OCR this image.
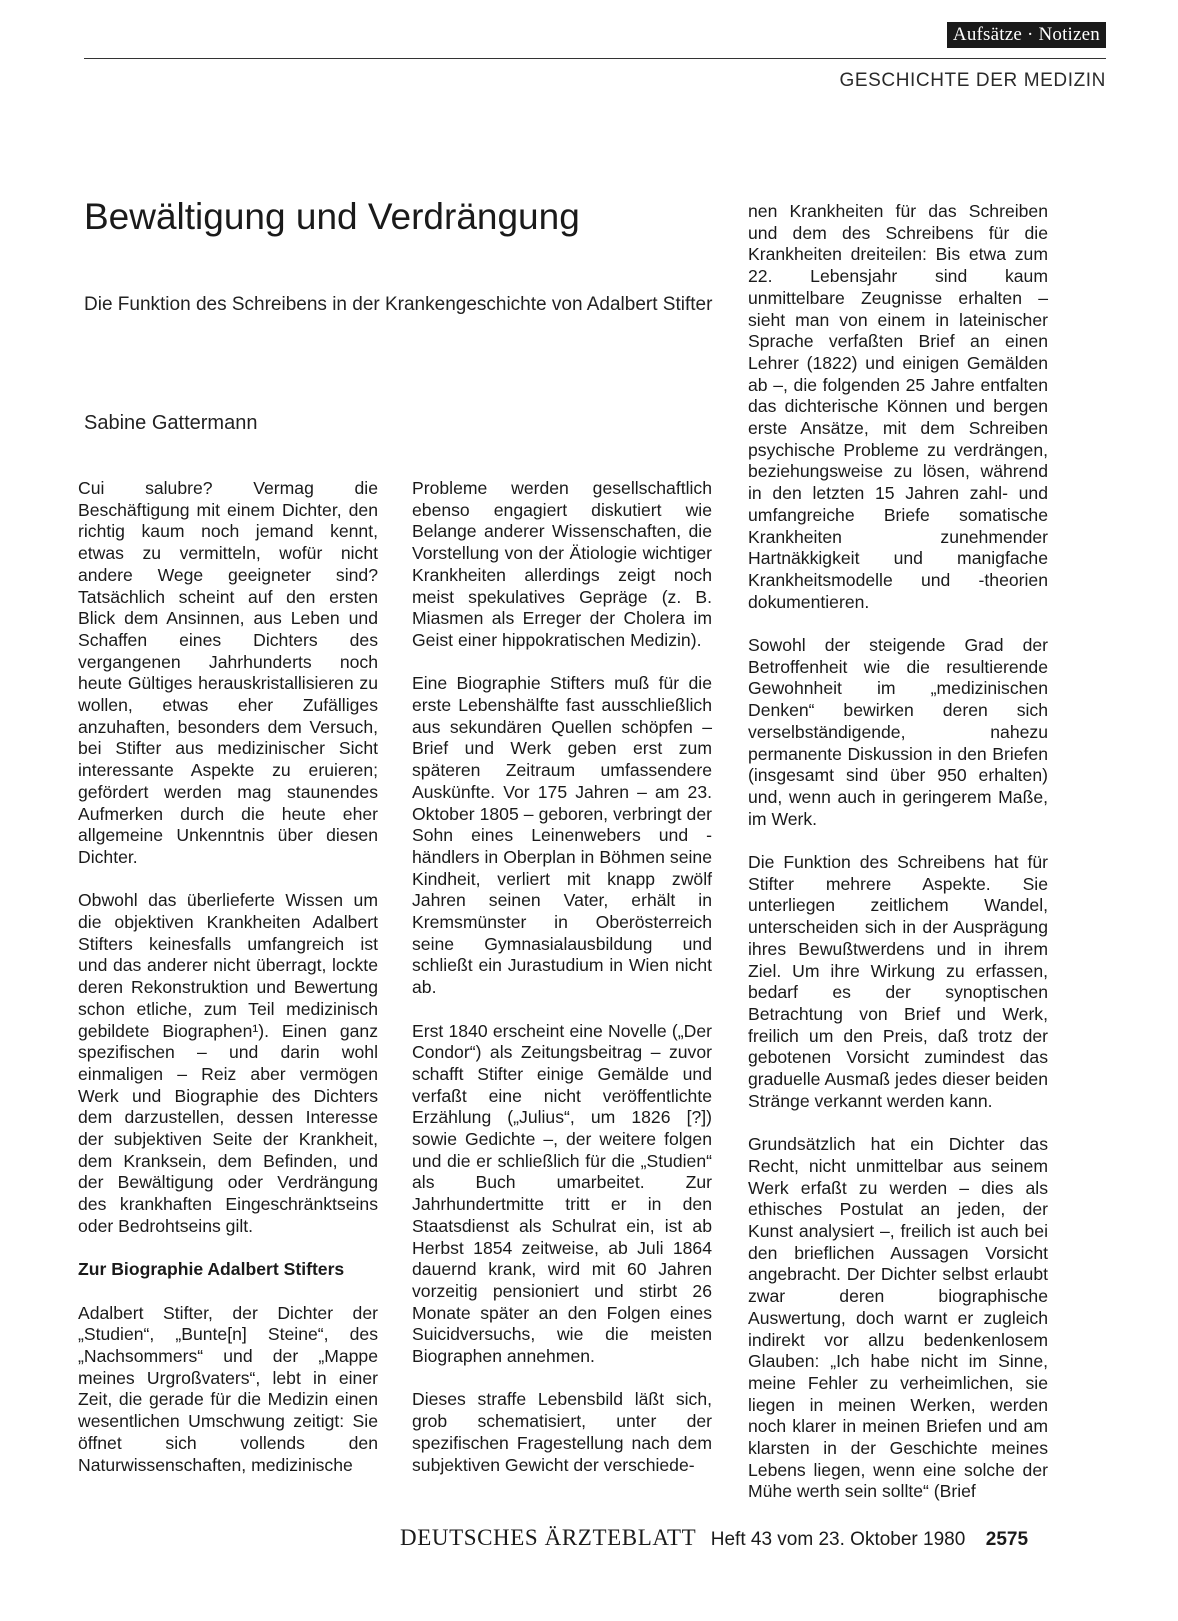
Aufsätze · Notizen
GESCHICHTE DER MEDIZIN
Bewältigung und Verdrängung
Die Funktion des Schreibens in der Krankengeschichte von Adalbert Stifter
Sabine Gattermann

Cui salubre? Vermag die Beschäftigung mit einem Dichter, den richtig kaum noch jemand kennt, etwas zu vermitteln, wofür nicht andere Wege geeigneter sind? Tatsächlich scheint auf den ersten Blick dem Ansinnen, aus Leben und Schaffen eines Dichters des vergangenen Jahrhunderts noch heute Gültiges herauskristallisieren zu wollen, etwas eher Zufälliges anzuhaften, besonders dem Versuch, bei Stifter aus medizinischer Sicht interessante Aspekte zu eruieren; gefördert werden mag staunendes Aufmerken durch die heute eher allgemeine Unkenntnis über diesen Dichter.

Obwohl das überlieferte Wissen um die objektiven Krankheiten Adalbert Stifters keinesfalls umfangreich ist und das anderer nicht überragt, lockte deren Rekonstruktion und Bewertung schon etliche, zum Teil medizinisch gebildete Biographen¹). Einen ganz spezifischen – und darin wohl einmaligen – Reiz aber vermögen Werk und Biographie des Dichters dem darzustellen, dessen Interesse der subjektiven Seite der Krankheit, dem Kranksein, dem Befinden, und der Bewältigung oder Verdrängung des krankhaften Eingeschränktseins oder Bedrohtseins gilt.

Zur Biographie Adalbert Stifters

Adalbert Stifter, der Dichter der „Studien“, „Bunte[n] Steine“, des „Nachsommers“ und der „Mappe meines Urgroßvaters“, lebt in einer Zeit, die gerade für die Medizin einen wesentlichen Umschwung zeitigt: Sie öffnet sich vollends den Naturwissenschaften, medizinische

Probleme werden gesellschaftlich ebenso engagiert diskutiert wie Belange anderer Wissenschaften, die Vorstellung von der Ätiologie wichtiger Krankheiten allerdings zeigt noch meist spekulatives Gepräge (z. B. Miasmen als Erreger der Cholera im Geist einer hippokratischen Medizin).

Eine Biographie Stifters muß für die erste Lebenshälfte fast ausschließlich aus sekundären Quellen schöpfen – Brief und Werk geben erst zum späteren Zeitraum umfassendere Auskünfte. Vor 175 Jahren – am 23. Oktober 1805 – geboren, verbringt der Sohn eines Leinenwebers und -händlers in Oberplan in Böhmen seine Kindheit, verliert mit knapp zwölf Jahren seinen Vater, erhält in Kremsmünster in Oberösterreich seine Gymnasialausbildung und schließt ein Jurastudium in Wien nicht ab.

Erst 1840 erscheint eine Novelle („Der Condor“) als Zeitungsbeitrag – zuvor schafft Stifter einige Gemälde und verfaßt eine nicht veröffentlichte Erzählung („Julius“, um 1826 [?]) sowie Gedichte –, der weitere folgen und die er schließlich für die „Studien“ als Buch umarbeitet. Zur Jahrhundertmitte tritt er in den Staatsdienst als Schulrat ein, ist ab Herbst 1854 zeitweise, ab Juli 1864 dauernd krank, wird mit 60 Jahren vorzeitig pensioniert und stirbt 26 Monate später an den Folgen eines Suicidversuchs, wie die meisten Biographen annehmen.

Dieses straffe Lebensbild läßt sich, grob schematisiert, unter der spezifischen Fragestellung nach dem subjektiven Gewicht der verschiede-

nen Krankheiten für das Schreiben und dem des Schreibens für die Krankheiten dreiteilen: Bis etwa zum 22. Lebensjahr sind kaum unmittelbare Zeugnisse erhalten – sieht man von einem in lateinischer Sprache verfaßten Brief an einen Lehrer (1822) und einigen Gemälden ab –, die folgenden 25 Jahre entfalten das dichterische Können und bergen erste Ansätze, mit dem Schreiben psychische Probleme zu verdrängen, beziehungsweise zu lösen, während in den letzten 15 Jahren zahl- und umfangreiche Briefe somatische Krankheiten zunehmender Hartnäkkigkeit und manigfache Krankheitsmodelle und -theorien dokumentieren.

Sowohl der steigende Grad der Betroffenheit wie die resultierende Gewohnheit im „medizinischen Denken“ bewirken deren sich verselbständigende, nahezu permanente Diskussion in den Briefen (insgesamt sind über 950 erhalten) und, wenn auch in geringerem Maße, im Werk.

Die Funktion des Schreibens hat für Stifter mehrere Aspekte. Sie unterliegen zeitlichem Wandel, unterscheiden sich in der Ausprägung ihres Bewußtwerdens und in ihrem Ziel. Um ihre Wirkung zu erfassen, bedarf es der synoptischen Betrachtung von Brief und Werk, freilich um den Preis, daß trotz der gebotenen Vorsicht zumindest das graduelle Ausmaß jedes dieser beiden Stränge verkannt werden kann.

Grundsätzlich hat ein Dichter das Recht, nicht unmittelbar aus seinem Werk erfaßt zu werden – dies als ethisches Postulat an jeden, der Kunst analysiert –, freilich ist auch bei den brieflichen Aussagen Vorsicht angebracht. Der Dichter selbst erlaubt zwar deren biographische Auswertung, doch warnt er zugleich indirekt vor allzu bedenkenlosem Glauben: „Ich habe nicht im Sinne, meine Fehler zu verheimlichen, sie liegen in meinen Werken, werden noch klarer in meinen Briefen und am klarsten in der Geschichte meines Lebens liegen, wenn eine solche der Mühe werth sein sollte“ (Brief

DEUTSCHES ÄRZTEBLATT Heft 43 vom 23. Oktober 1980 2575
